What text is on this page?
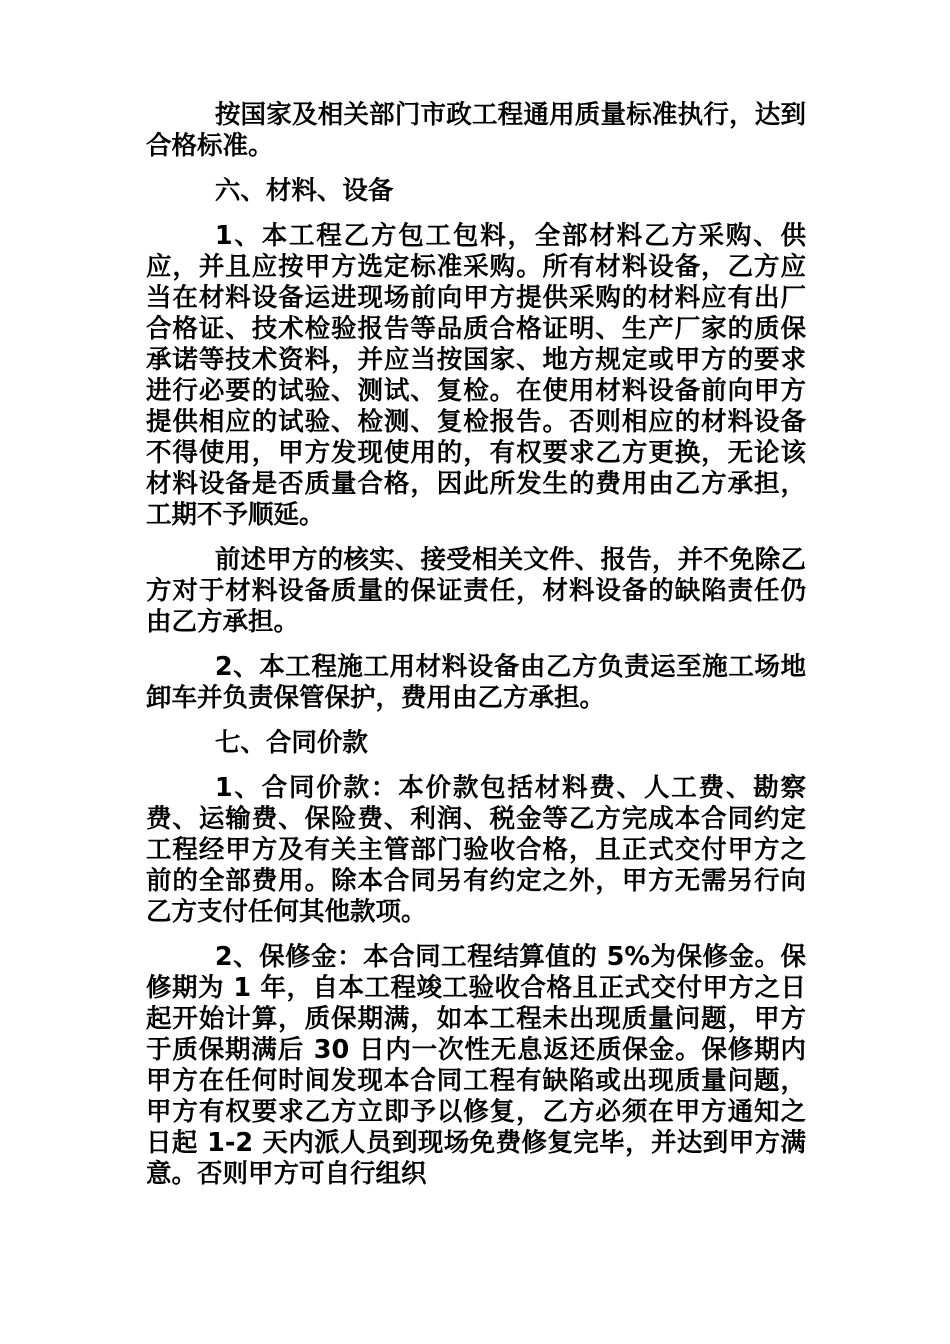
按国家及相关部门市政工程通用质量标准执行，达到合格标准。

六、材料、设备

1、本工程乙方包工包料，全部材料乙方采购、供应，并且应按甲方选定标准采购。所有材料设备，乙方应当在材料设备运进现场前向甲方提供采购的材料应有出厂合格证、技术检验报告等品质合格证明、生产厂家的质保承诺等技术资料，并应当按国家、地方规定或甲方的要求进行必要的试验、测试、复检。在使用材料设备前向甲方提供相应的试验、检测、复检报告。否则相应的材料设备不得使用，甲方发现使用的，有权要求乙方更换，无论该材料设备是否质量合格，因此所发生的费用由乙方承担，工期不予顺延。

前述甲方的核实、接受相关文件、报告，并不免除乙方对于材料设备质量的保证责任，材料设备的缺陷责任仍由乙方承担。

2、本工程施工用材料设备由乙方负责运至施工场地卸车并负责保管保护，费用由乙方承担。

七、合同价款

1、合同价款：本价款包括材料费、人工费、勘察费、运输费、保险费、利润、税金等乙方完成本合同约定工程经甲方及有关主管部门验收合格，且正式交付甲方之前的全部费用。除本合同另有约定之外，甲方无需另行向乙方支付任何其他款项。

2、保修金：本合同工程结算值的 5%为保修金。保修期为 1 年，自本工程竣工验收合格且正式交付甲方之日起开始计算，质保期满，如本工程未出现质量问题，甲方于质保期满后 30 日内一次性无息返还质保金。保修期内甲方在任何时间发现本合同工程有缺陷或出现质量问题，甲方有权要求乙方立即予以修复，乙方必须在甲方通知之日起 1-2 天内派人员到现场免费修复完毕，并达到甲方满意。否则甲方可自行组织
